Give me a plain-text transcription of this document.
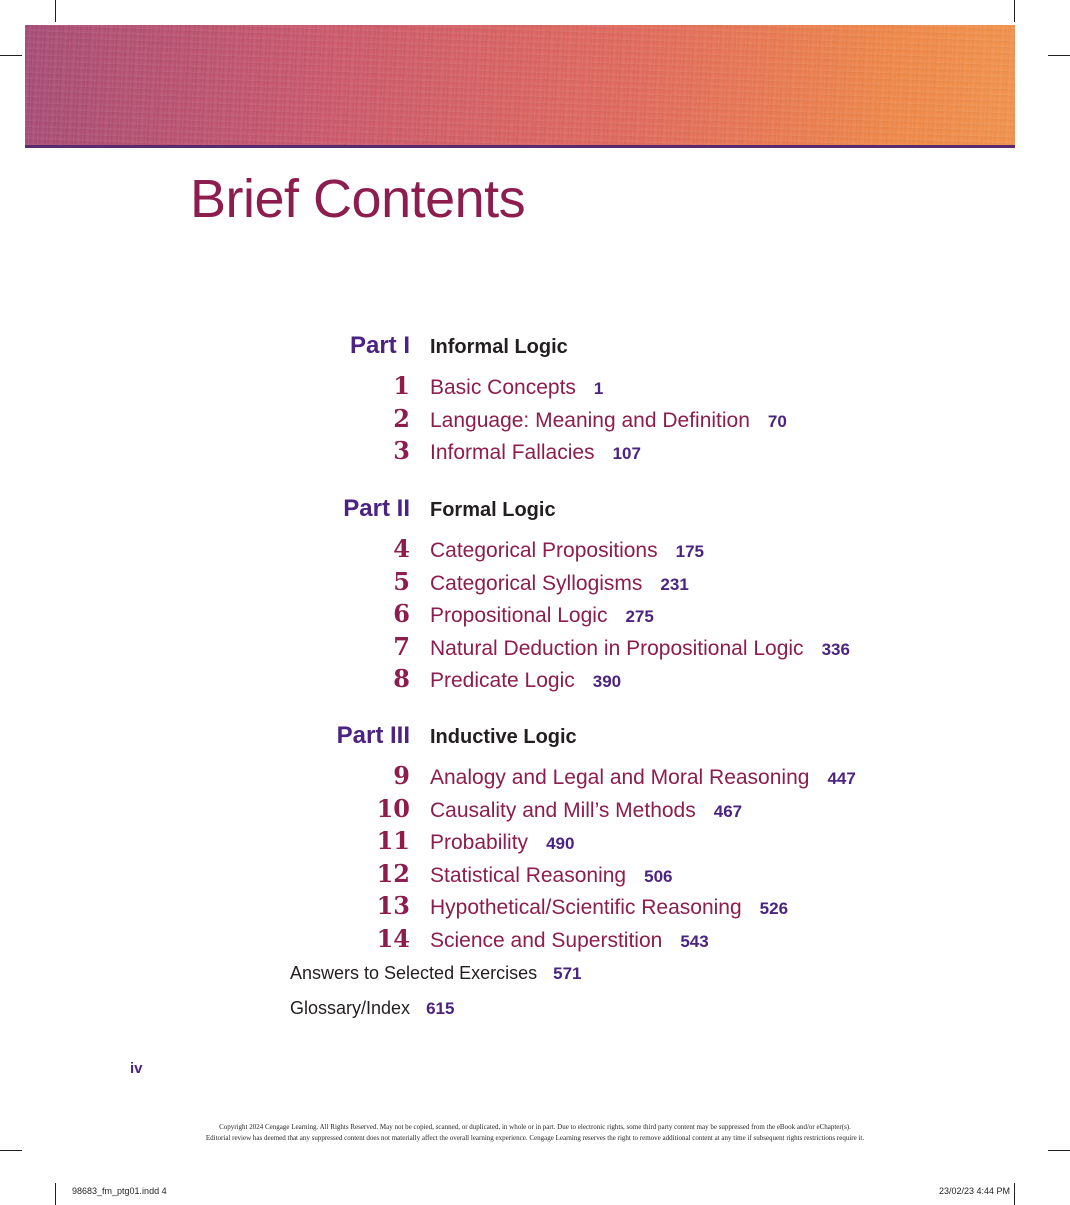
Brief Contents
Part I Informal Logic
1 Basic Concepts 1
2 Language: Meaning and Definition 70
3 Informal Fallacies 107
Part II Formal Logic
4 Categorical Propositions 175
5 Categorical Syllogisms 231
6 Propositional Logic 275
7 Natural Deduction in Propositional Logic 336
8 Predicate Logic 390
Part III Inductive Logic
9 Analogy and Legal and Moral Reasoning 447
10 Causality and Mill’s Methods 467
11 Probability 490
12 Statistical Reasoning 506
13 Hypothetical/Scientific Reasoning 526
14 Science and Superstition 543
Answers to Selected Exercises 571
Glossary/Index 615
iv
Copyright 2024 Cengage Learning. All Rights Reserved. May not be copied, scanned, or duplicated, in whole or in part. Due to electronic rights, some third party content may be suppressed from the eBook and/or eChapter(s).
Editorial review has deemed that any suppressed content does not materially affect the overall learning experience. Cengage Learning reserves the right to remove additional content at any time if subsequent rights restrictions require it.
98683_fm_ptg01.indd 4	23/02/23 4:44 PM
